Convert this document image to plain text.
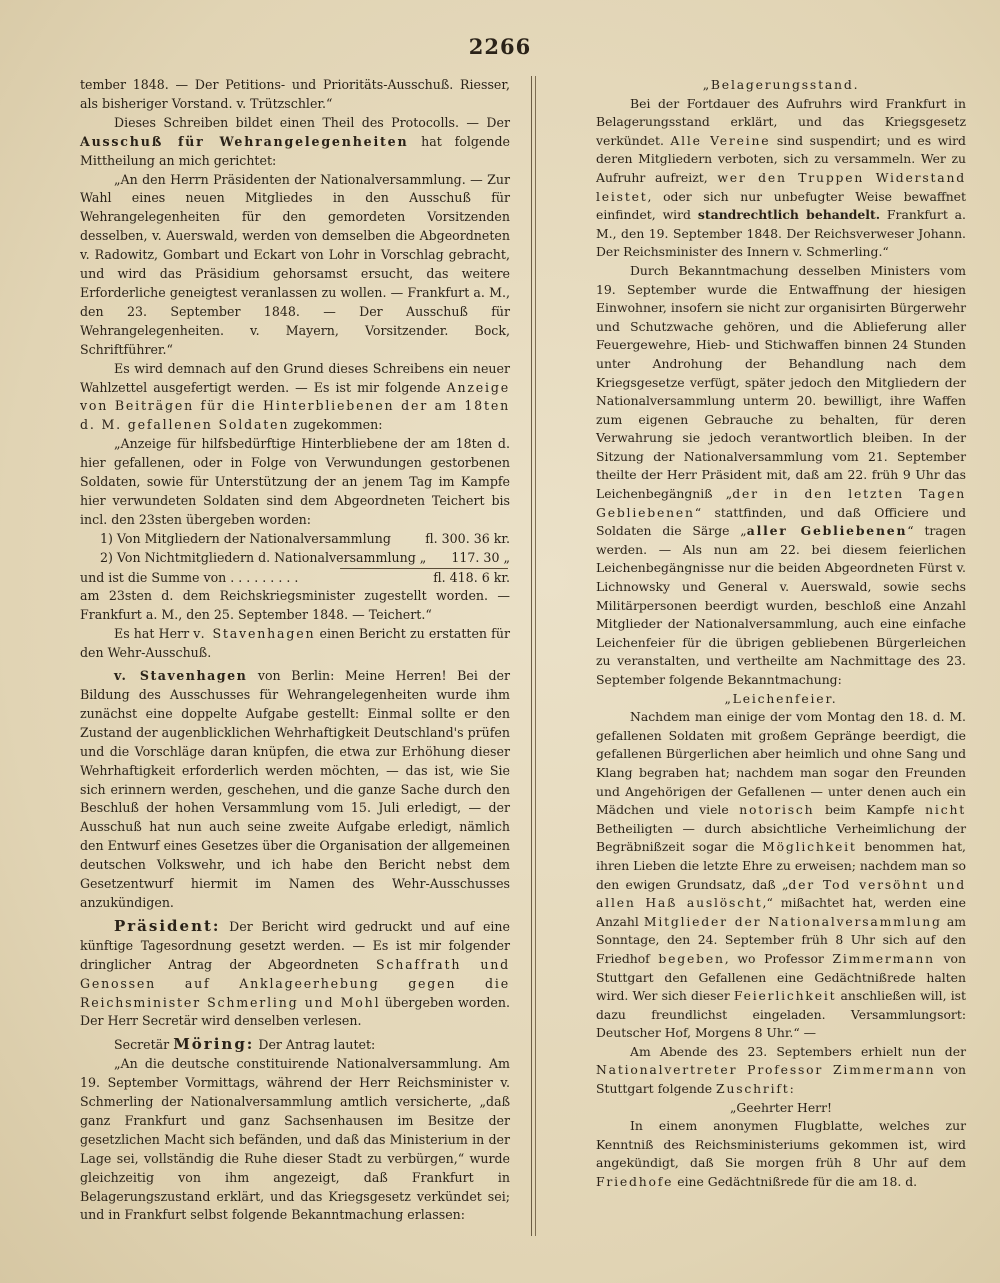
2266

tember 1848. — Der Petitions- und Prioritäts-Ausschuß. Riesser, als bisheriger Vorstand. v. Trützschler.“

Dieses Schreiben bildet einen Theil des Protocolls. — Der Ausschuß für Wehrangelegenheiten hat folgende Mittheilung an mich gerichtet:

„An den Herrn Präsidenten der Nationalversammlung. — Zur Wahl eines neuen Mitgliedes in den Ausschuß für Wehrangelegenheiten für den gemordeten Vorsitzenden desselben, v. Auerswald, werden von demselben die Abgeordneten v. Radowitz, Gombart und Eckart von Lohr in Vorschlag gebracht, und wird das Präsidium gehorsamst ersucht, das weitere Erforderliche geneigtest veranlassen zu wollen. — Frankfurt a. M., den 23. September 1848. — Der Ausschuß für Wehrangelegenheiten. v. Mayern, Vorsitzender. Bock, Schriftführer.“

Es wird demnach auf den Grund dieses Schreibens ein neuer Wahlzettel ausgefertigt werden. — Es ist mir folgende Anzeige von Beiträgen für die Hinterbliebenen der am 18ten d. M. gefallenen Soldaten zugekommen:

„Anzeige für hilfsbedürftige Hinterbliebene der am 18ten d. hier gefallenen, oder in Folge von Verwundungen gestorbenen Soldaten, sowie für Unterstützung der an jenem Tag im Kampfe hier verwundeten Soldaten sind dem Abgeordneten Teichert bis incl. den 23sten übergeben worden:

1) Von Mitgliedern der Nationalversammlung	fl. 300. 36 kr.
2) Von Nichtmitgliedern d. Nationalversammlung „ 117. 30 „
und ist die Summe von . . . . . . . . .	fl. 418. 6 kr.

am 23sten d. dem Reichskriegsminister zugestellt worden. — Frankfurt a. M., den 25. September 1848. — Teichert.“

Es hat Herr v. Stavenhagen einen Bericht zu erstatten für den Wehr-Ausschuß.

v. Stavenhagen von Berlin: Meine Herren! Bei der Bildung des Ausschusses für Wehrangelegenheiten wurde ihm zunächst eine doppelte Aufgabe gestellt: Einmal sollte er den Zustand der augenblicklichen Wehrhaftigkeit Deutschland's prüfen und die Vorschläge daran knüpfen, die etwa zur Erhöhung dieser Wehrhaftigkeit erforderlich werden möchten, — das ist, wie Sie sich erinnern werden, geschehen, und die ganze Sache durch den Beschluß der hohen Versammlung vom 15. Juli erledigt, — der Ausschuß hat nun auch seine zweite Aufgabe erledigt, nämlich den Entwurf eines Gesetzes über die Organisation der allgemeinen deutschen Volkswehr, und ich habe den Bericht nebst dem Gesetzentwurf hiermit im Namen des Wehr-Ausschusses anzukündigen.

Präsident: Der Bericht wird gedruckt und auf eine künftige Tagesordnung gesetzt werden. — Es ist mir folgender dringlicher Antrag der Abgeordneten Schaffrath und Genossen auf Anklageerhebung gegen die Reichsminister Schmerling und Mohl übergeben worden. Der Herr Secretär wird denselben verlesen.

Secretär Möring: Der Antrag lautet:

„An die deutsche constituirende Nationalversammlung. Am 19. September Vormittags, während der Herr Reichsminister v. Schmerling der Nationalversammlung amtlich versicherte, „daß ganz Frankfurt und ganz Sachsenhausen im Besitze der gesetzlichen Macht sich befänden, und daß das Ministerium in der Lage sei, vollständig die Ruhe dieser Stadt zu verbürgen,“ wurde gleichzeitig von ihm angezeigt, daß Frankfurt in Belagerungszustand erklärt, und das Kriegsgesetz verkündet sei; und in Frankfurt selbst folgende Bekanntmachung erlassen:

„Belagerungsstand.

Bei der Fortdauer des Aufruhrs wird Frankfurt in Belagerungsstand erklärt, und das Kriegsgesetz verkündet. Alle Vereine sind suspendirt; und es wird deren Mitgliedern verboten, sich zu versammeln. Wer zu Aufruhr aufreizt, wer den Truppen Widerstand leistet, oder sich nur unbefugter Weise bewaffnet einfindet, wird standrechtlich behandelt. Frankfurt a. M., den 19. September 1848. Der Reichsverweser Johann. Der Reichsminister des Innern v. Schmerling.“

Durch Bekanntmachung desselben Ministers vom 19. September wurde die Entwaffnung der hiesigen Einwohner, insofern sie nicht zur organisirten Bürgerwehr und Schutzwache gehören, und die Ablieferung aller Feuergewehre, Hieb- und Stichwaffen binnen 24 Stunden unter Androhung der Behandlung nach dem Kriegsgesetze verfügt, später jedoch den Mitgliedern der Nationalversammlung unterm 20. bewilligt, ihre Waffen zum eigenen Gebrauche zu behalten, für deren Verwahrung sie jedoch verantwortlich bleiben. In der Sitzung der Nationalversammlung vom 21. September theilte der Herr Präsident mit, daß am 22. früh 9 Uhr das Leichenbegängniß „der in den letzten Tagen Gebliebenen“ stattfinden, und daß Officiere und Soldaten die Särge „aller Gebliebenen“ tragen werden. — Als nun am 22. bei diesem feierlichen Leichenbegängnisse nur die beiden Abgeordneten Fürst v. Lichnowsky und General v. Auerswald, sowie sechs Militärpersonen beerdigt wurden, beschloß eine Anzahl Mitglieder der Nationalversammlung, auch eine einfache Leichenfeier für die übrigen gebliebenen Bürgerleichen zu veranstalten, und vertheilte am Nachmittage des 23. September folgende Bekanntmachung:

„Leichenfeier.

Nachdem man einige der vom Montag den 18. d. M. gefallenen Soldaten mit großem Gepränge beerdigt, die gefallenen Bürgerlichen aber heimlich und ohne Sang und Klang begraben hat; nachdem man sogar den Freunden und Angehörigen der Gefallenen — unter denen auch ein Mädchen und viele notorisch beim Kampfe nicht Betheiligten — durch absichtliche Verheimlichung der Begräbnißzeit sogar die Möglichkeit benommen hat, ihren Lieben die letzte Ehre zu erweisen; nachdem man so den ewigen Grundsatz, daß „der Tod versöhnt und allen Haß auslöscht,“ mißachtet hat, werden eine Anzahl Mitglieder der Nationalversammlung am Sonntage, den 24. September früh 8 Uhr sich auf den Friedhof begeben, wo Professor Zimmermann von Stuttgart den Gefallenen eine Gedächtnißrede halten wird. Wer sich dieser Feierlichkeit anschließen will, ist dazu freundlichst eingeladen. Versammlungsort: Deutscher Hof, Morgens 8 Uhr.“ —

Am Abende des 23. Septembers erhielt nun der Nationalvertreter Professor Zimmermann von Stuttgart folgende Zuschrift:

„Geehrter Herr!

In einem anonymen Flugblatte, welches zur Kenntniß des Reichsministeriums gekommen ist, wird angekündigt, daß Sie morgen früh 8 Uhr auf dem Friedhofe eine Gedächtnißrede für die am 18. d.
